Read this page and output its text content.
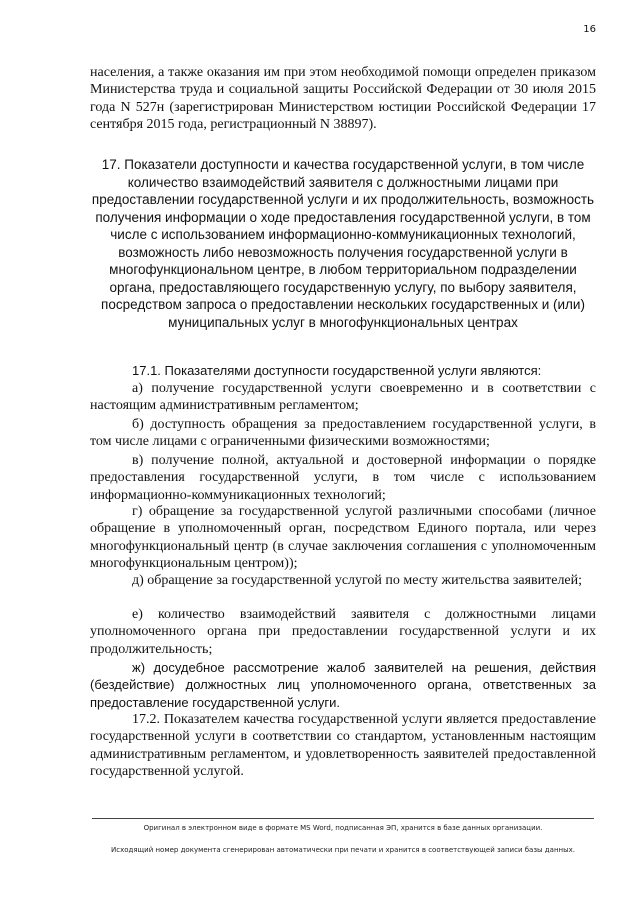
16

населения, а также оказания им при этом необходимой помощи определен приказом Министерства труда и социальной защиты Российской Федерации от 30 июля 2015 года N 527н (зарегистрирован Министерством юстиции Российской Федерации 17 сентября 2015 года, регистрационный N 38897).

17. Показатели доступности и качества государственной услуги, в том числе количество взаимодействий заявителя с должностными лицами при предоставлении государственной услуги и их продолжительность, возможность получения информации о ходе предоставления государственной услуги, в том числе с использованием информационно-коммуникационных технологий, возможность либо невозможность получения государственной услуги в многофункциональном центре, в любом территориальном подразделении органа, предоставляющего государственную услугу, по выбору заявителя, посредством запроса о предоставлении нескольких государственных и (или) муниципальных услуг в многофункциональных центрах

17.1. Показателями доступности государственной услуги являются:

а) получение государственной услуги своевременно и в соответствии с настоящим административным регламентом;

б) доступность обращения за предоставлением государственной услуги, в том числе лицами с ограниченными физическими возможностями;

в) получение полной, актуальной и достоверной информации о порядке предоставления государственной услуги, в том числе с использованием информационно-коммуникационных технологий;

г) обращение за государственной услугой различными способами (личное обращение в уполномоченный орган, посредством Единого портала, или через многофункциональный центр (в случае заключения соглашения с уполномоченным многофункциональным центром));

д) обращение за государственной услугой по месту жительства заявителей;

е) количество взаимодействий заявителя с должностными лицами уполномоченного органа при предоставлении государственной услуги и их продолжительность;

ж) досудебное рассмотрение жалоб заявителей на решения, действия (бездействие) должностных лиц уполномоченного органа, ответственных за предоставление государственной услуги.

17.2. Показателем качества государственной услуги является предоставление государственной услуги в соответствии со стандартом, установленным настоящим административным регламентом, и удовлетворенность заявителей предоставленной государственной услугой.

Оригинал в электронном виде в формате MS Word, подписанная ЭП, хранится в базе данных организации.

Исходящий номер документа сгенерирован автоматически при печати и хранится в соответствующей записи базы данных.
